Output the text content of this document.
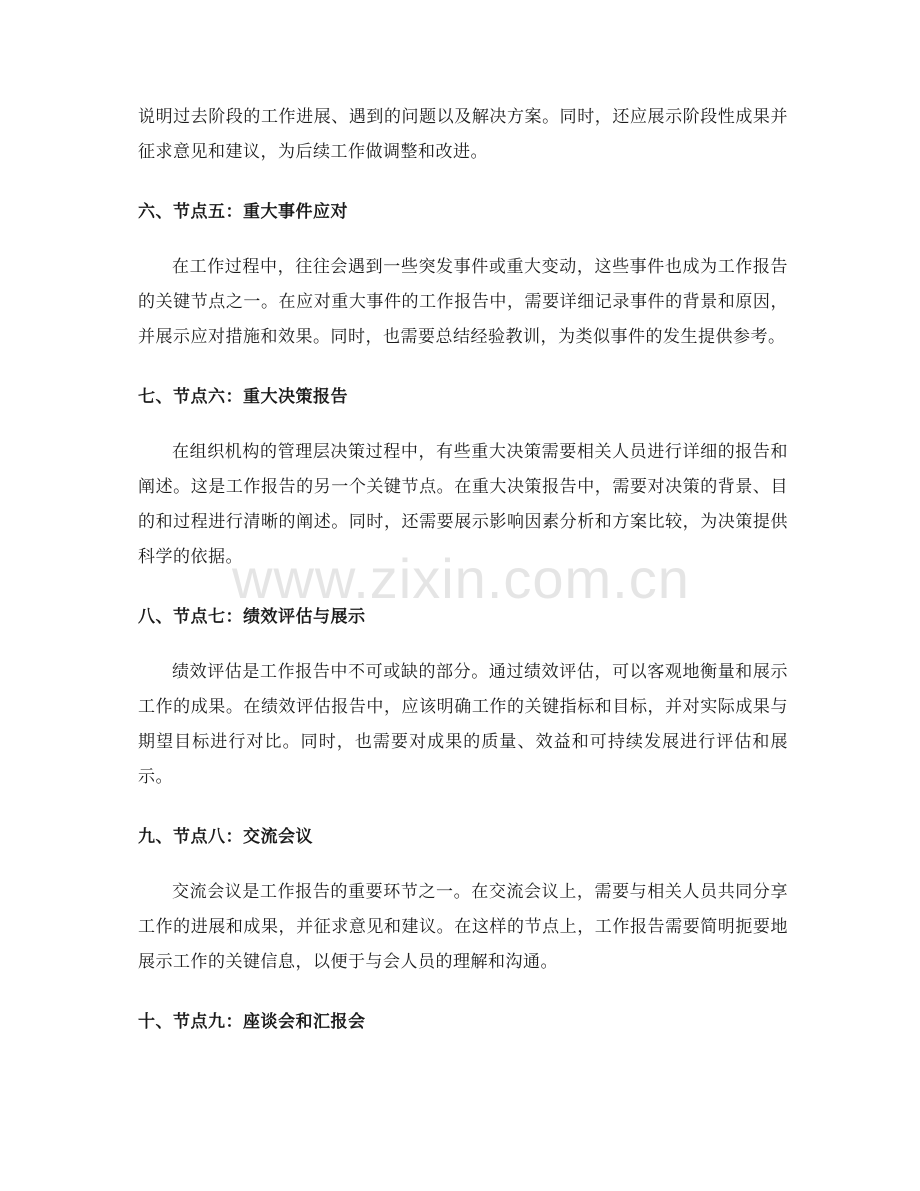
说明过去阶段的工作进展、遇到的问题以及解决方案。同时，还应展示阶段性成果并征求意见和建议，为后续工作做调整和改进。

六、节点五：重大事件应对

在工作过程中，往往会遇到一些突发事件或重大变动，这些事件也成为工作报告的关键节点之一。在应对重大事件的工作报告中，需要详细记录事件的背景和原因，并展示应对措施和效果。同时，也需要总结经验教训，为类似事件的发生提供参考。

七、节点六：重大决策报告

在组织机构的管理层决策过程中，有些重大决策需要相关人员进行详细的报告和阐述。这是工作报告的另一个关键节点。在重大决策报告中，需要对决策的背景、目的和过程进行清晰的阐述。同时，还需要展示影响因素分析和方案比较，为决策提供科学的依据。

八、节点七：绩效评估与展示

绩效评估是工作报告中不可或缺的部分。通过绩效评估，可以客观地衡量和展示工作的成果。在绩效评估报告中，应该明确工作的关键指标和目标，并对实际成果与期望目标进行对比。同时，也需要对成果的质量、效益和可持续发展进行评估和展示。

九、节点八：交流会议

交流会议是工作报告的重要环节之一。在交流会议上，需要与相关人员共同分享工作的进展和成果，并征求意见和建议。在这样的节点上，工作报告需要简明扼要地展示工作的关键信息，以便于与会人员的理解和沟通。

十、节点九：座谈会和汇报会
www.zixin.com.cn
